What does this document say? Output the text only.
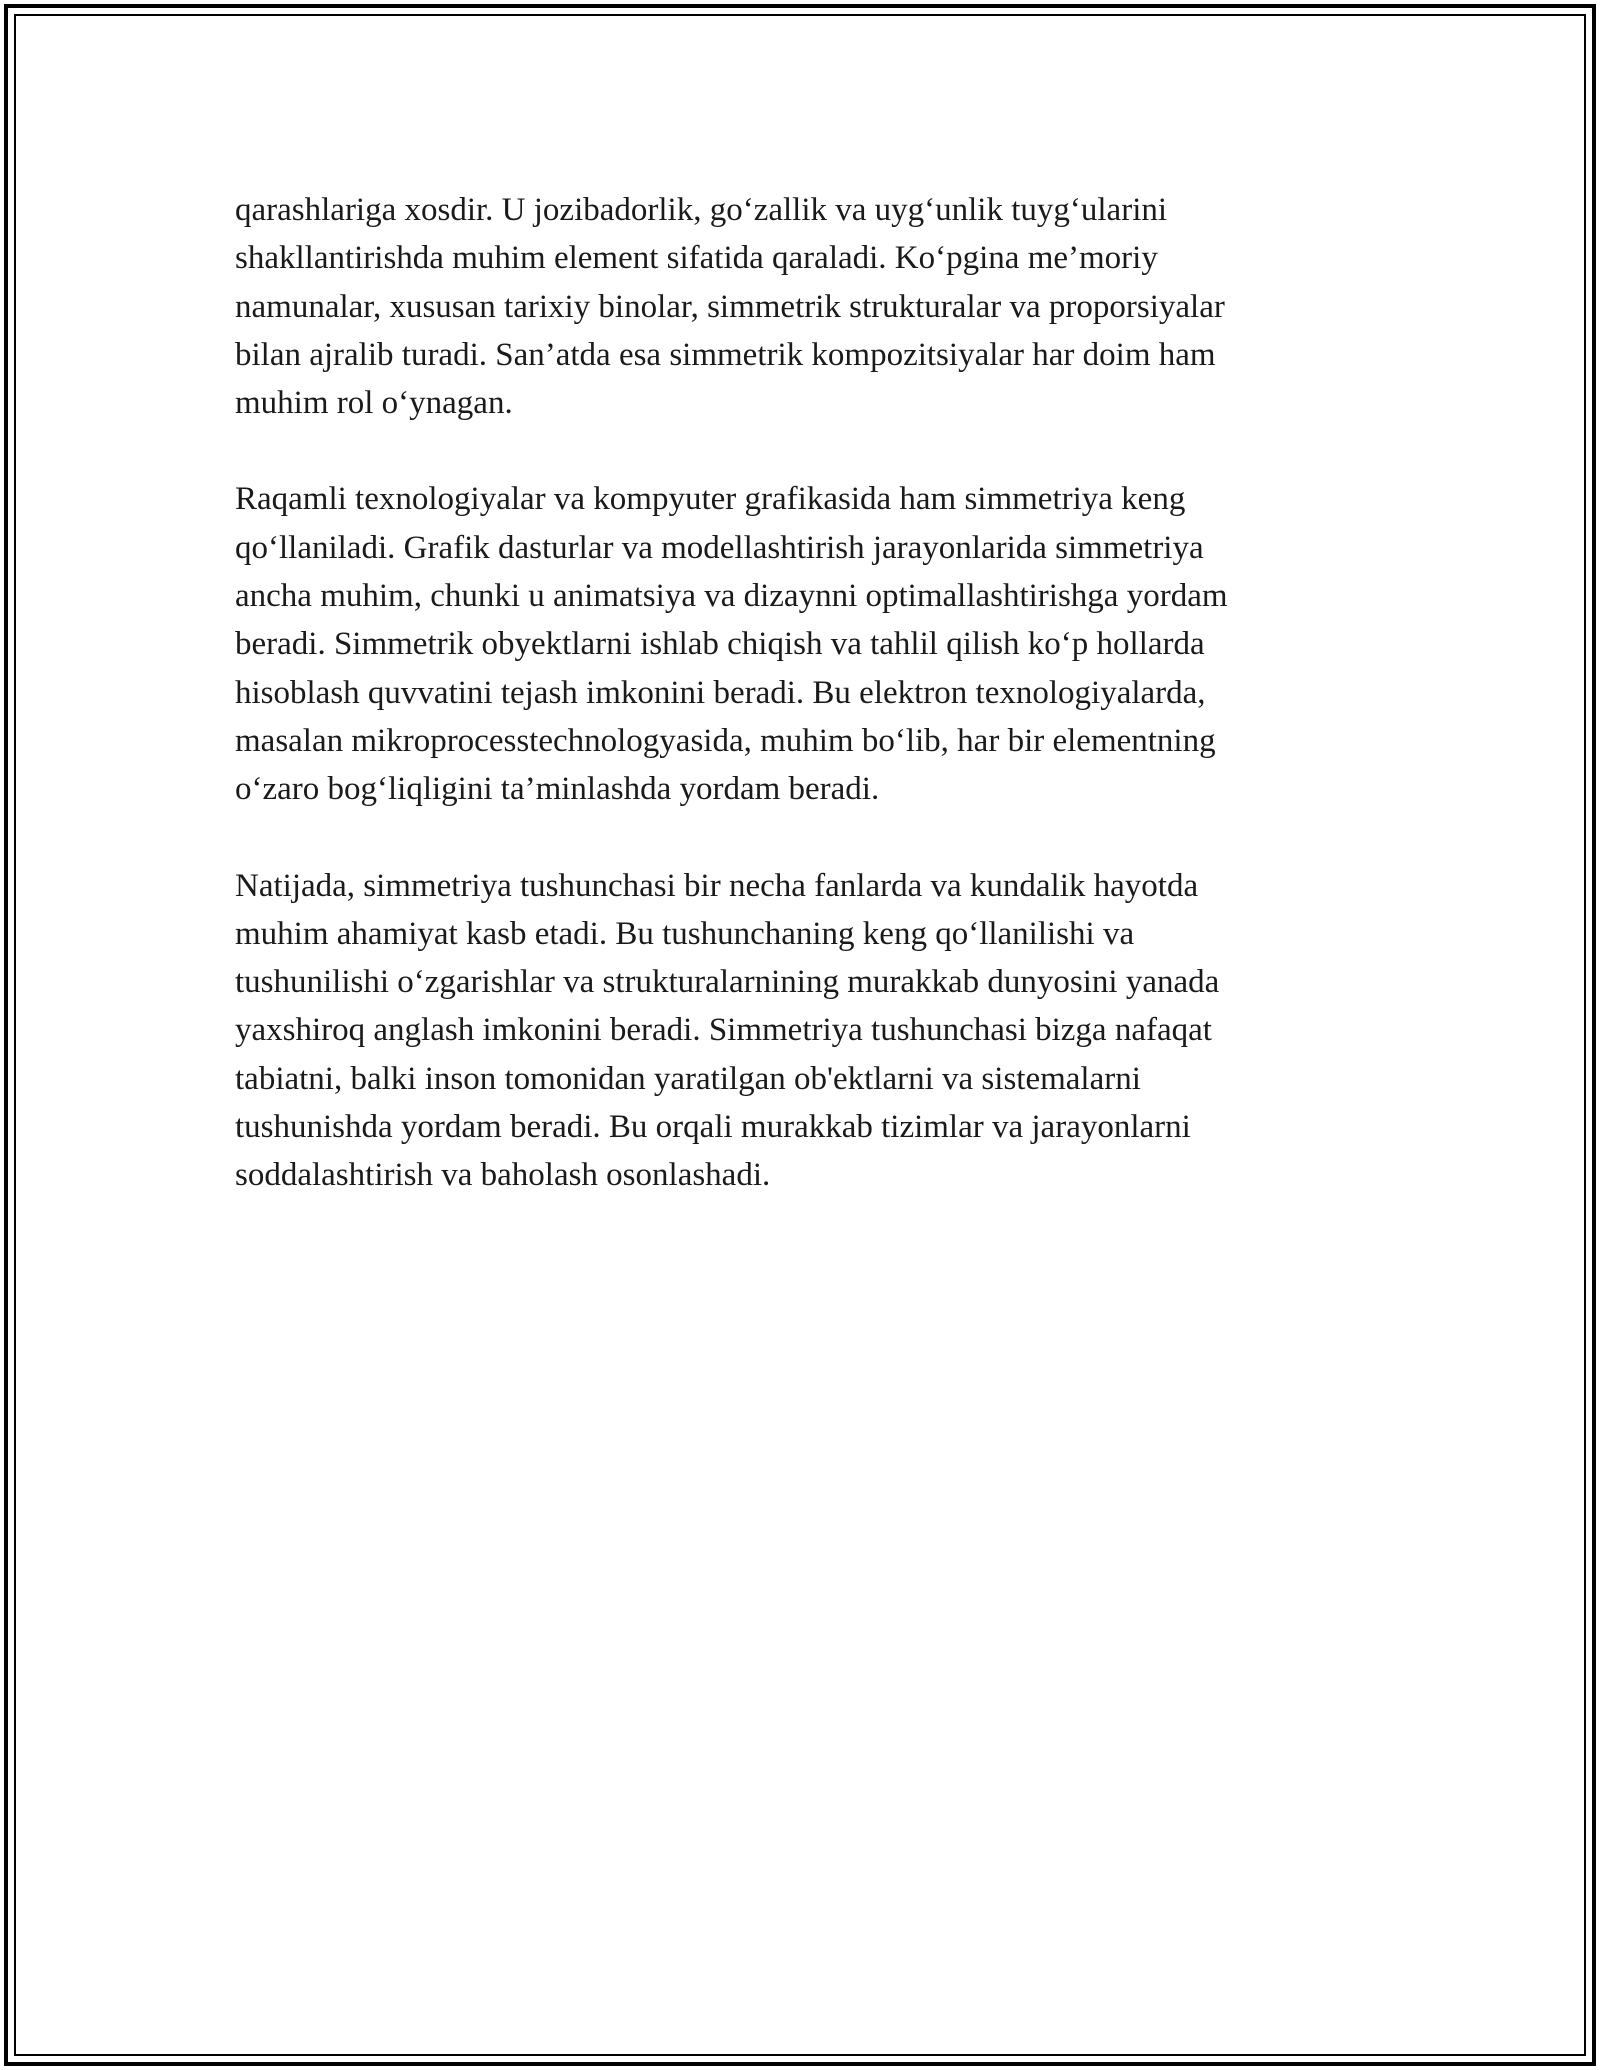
qarashlariga xosdir. U jozibadorlik, go‘zallik va uyg‘unlik tuyg‘ularini
shakllantirishda muhim element sifatida qaraladi. Ko‘pgina me’moriy
namunalar, xususan tarixiy binolar, simmetrik strukturalar va proporsiyalar
bilan ajralib turadi. San’atda esa simmetrik kompozitsiyalar har doim ham
muhim rol o‘ynagan.

Raqamli texnologiyalar va kompyuter grafikasida ham simmetriya keng
qo‘llaniladi. Grafik dasturlar va modellashtirish jarayonlarida simmetriya
ancha muhim, chunki u animatsiya va dizaynni optimallashtirishga yordam
beradi. Simmetrik obyektlarni ishlab chiqish va tahlil qilish ko‘p hollarda
hisoblash quvvatini tejash imkonini beradi. Bu elektron texnologiyalarda,
masalan mikroprocesstechnologyasida, muhim bo‘lib, har bir elementning
o‘zaro bog‘liqligini ta’minlashda yordam beradi.

Natijada, simmetriya tushunchasi bir necha fanlarda va kundalik hayotda
muhim ahamiyat kasb etadi. Bu tushunchaning keng qo‘llanilishi va
tushunilishi o‘zgarishlar va strukturalarnining murakkab dunyosini yanada
yaxshiroq anglash imkonini beradi. Simmetriya tushunchasi bizga nafaqat
tabiatni, balki inson tomonidan yaratilgan ob'ektlarni va sistemalarni
tushunishda yordam beradi. Bu orqali murakkab tizimlar va jarayonlarni
soddalashtirish va baholash osonlashadi.
